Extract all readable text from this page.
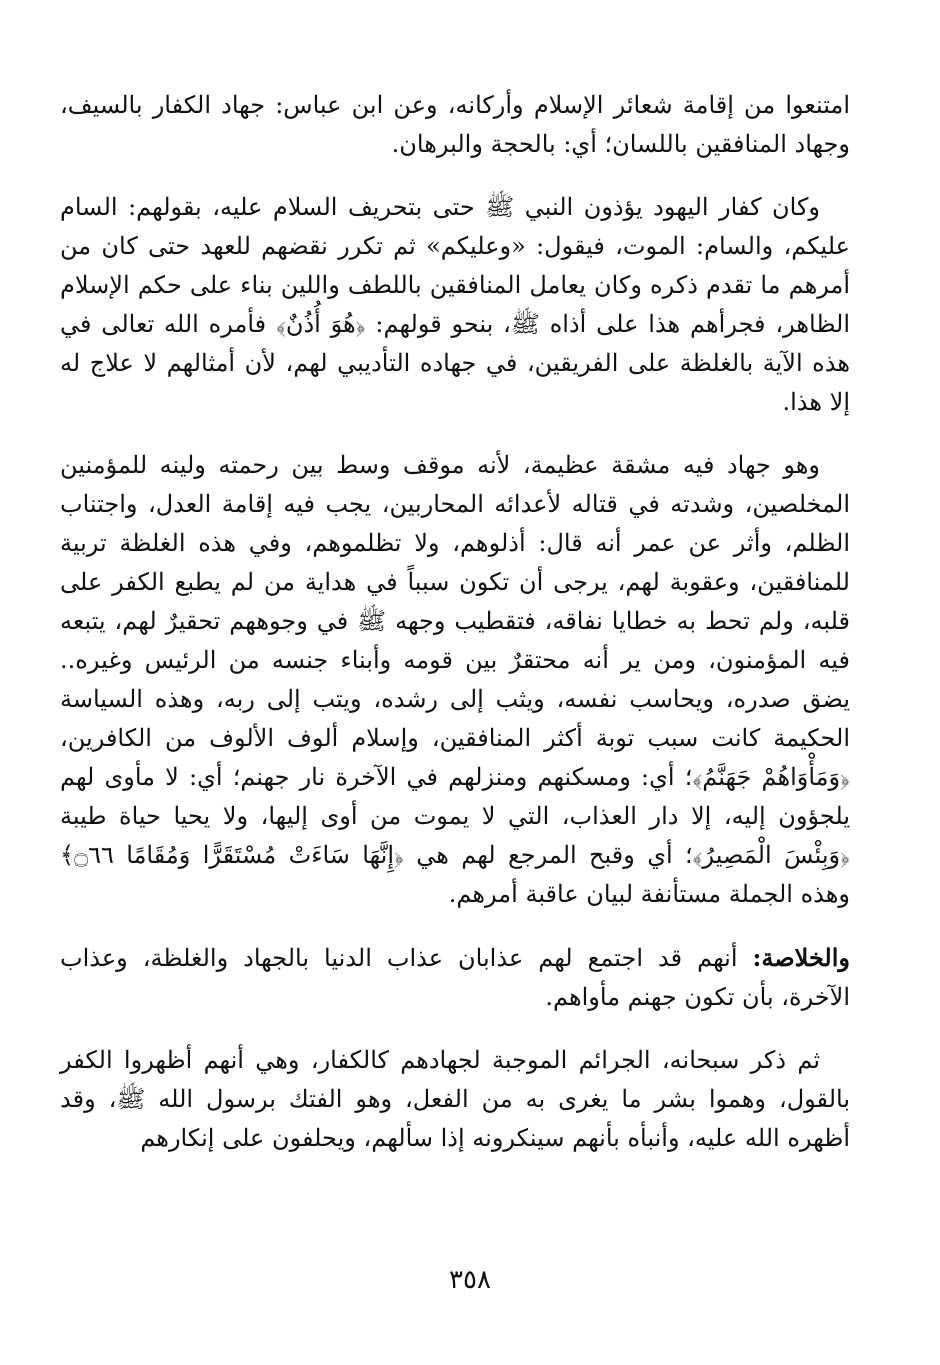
امتنعوا من إقامة شعائر الإسلام وأركانه، وعن ابن عباس: جهاد الكفار بالسيف، وجهاد المنافقين باللسان؛ أي: بالحجة والبرهان.

وكان كفار اليهود يؤذون النبي ﷺ حتى بتحريف السلام عليه، بقولهم: السام عليكم، والسام: الموت، فيقول: «وعليكم» ثم تكرر نقضهم للعهد حتى كان من أمرهم ما تقدم ذكره وكان يعامل المنافقين باللطف واللين بناء على حكم الإسلام الظاهر، فجرأهم هذا على أذاه ﷺ، بنحو قولهم: ﴿هُوَ أُذُنٌ﴾ فأمره الله تعالى في هذه الآية بالغلظة على الفريقين، في جهاده التأديبي لهم، لأن أمثالهم لا علاج له إلا هذا.

وهو جهاد فيه مشقة عظيمة، لأنه موقف وسط بين رحمته ولينه للمؤمنين المخلصين، وشدته في قتاله لأعدائه المحاربين، يجب فيه إقامة العدل، واجتناب الظلم، وأثر عن عمر أنه قال: أذلوهم، ولا تظلموهم، وفي هذه الغلظة تربية للمنافقين، وعقوبة لهم، يرجى أن تكون سبباً في هداية من لم يطبع الكفر على قلبه، ولم تحط به خطايا نفاقه، فتقطيب وجهه ﷺ في وجوههم تحقيرٌ لهم، يتبعه فيه المؤمنون، ومن ير أنه محتقرٌ بين قومه وأبناء جنسه من الرئيس وغيره.. يضق صدره، ويحاسب نفسه، ويثب إلى رشده، ويتب إلى ربه، وهذه السياسة الحكيمة كانت سبب توبة أكثر المنافقين، وإسلام ألوف الألوف من الكافرين، ﴿وَمَأْوَاهُمْ جَهَنَّمُ﴾؛ أي: ومسكنهم ومنزلهم في الآخرة نار جهنم؛ أي: لا مأوى لهم يلجؤون إليه، إلا دار العذاب، التي لا يموت من أوى إليها، ولا يحيا حياة طيبة ﴿وَبِئْسَ الْمَصِيرُ﴾؛ أي وقبح المرجع لهم هي ﴿إِنَّهَا سَاءَتْ مُسْتَقَرًّا وَمُقَامًا ۝٦٦﴾ وهذه الجملة مستأنفة لبيان عاقبة أمرهم.

والخلاصة: أنهم قد اجتمع لهم عذابان عذاب الدنيا بالجهاد والغلظة، وعذاب الآخرة، بأن تكون جهنم مأواهم.

ثم ذكر سبحانه، الجرائم الموجبة لجهادهم كالكفار، وهي أنهم أظهروا الكفر بالقول، وهموا بشر ما يغرى به من الفعل، وهو الفتك برسول الله ﷺ، وقد أظهره الله عليه، وأنبأه بأنهم سينكرونه إذا سألهم، ويحلفون على إنكارهم

٣٥٨
